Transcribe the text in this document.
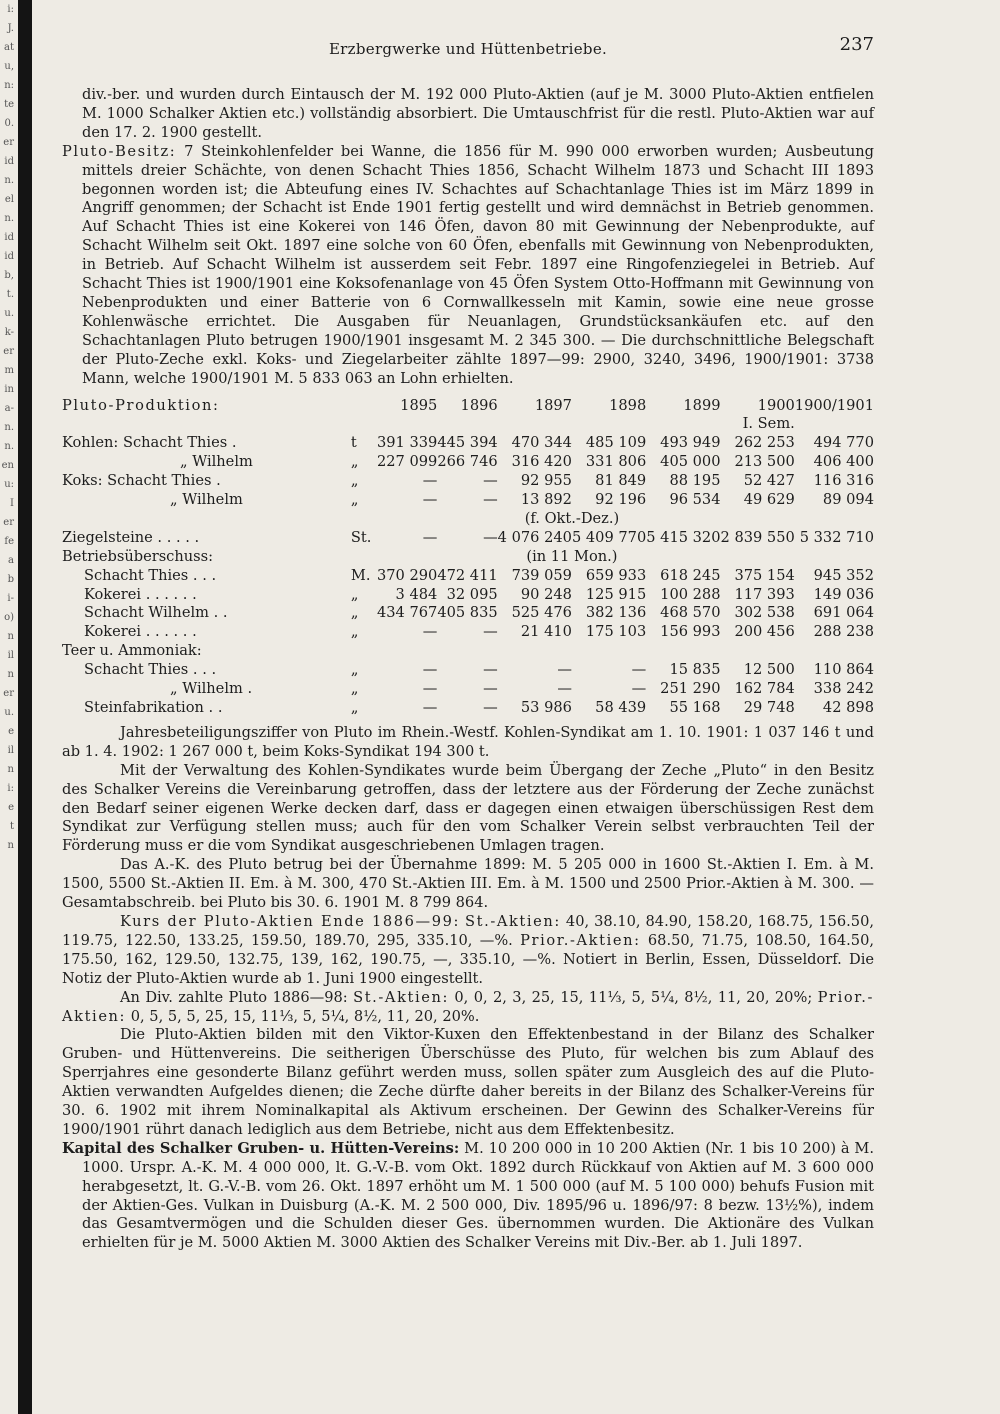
i:
J.
at
u,
n:
te
0.
er
id
n.
el
n.
id
id
b,
t.
u.
k-
er
m
in
a-
n.
n.
en
u:
I
er
fe
a
b
i-
o)
n
il
n
er
u.
e
il
n
i:
e
t
n
Erzbergwerke und Hüttenbetriebe.	237

div.-ber. und wurden durch Eintausch der M. 192 000 Pluto-Aktien (auf je M. 3000 Pluto-Aktien entfielen M. 1000 Schalker Aktien etc.) vollständig absorbiert. Die Umtauschfrist für die restl. Pluto-Aktien war auf den 17. 2. 1900 gestellt.

Pluto-Besitz: 7 Steinkohlenfelder bei Wanne, die 1856 für M. 990 000 erworben wurden; Ausbeutung mittels dreier Schächte, von denen Schacht Thies 1856, Schacht Wilhelm 1873 und Schacht III 1893 begonnen worden ist; die Abteufung eines IV. Schachtes auf Schachtanlage Thies ist im März 1899 in Angriff genommen; der Schacht ist Ende 1901 fertig gestellt und wird demnächst in Betrieb genommen. Auf Schacht Thies ist eine Kokerei von 146 Öfen, davon 80 mit Gewinnung der Nebenprodukte, auf Schacht Wilhelm seit Okt. 1897 eine solche von 60 Öfen, ebenfalls mit Gewinnung von Nebenprodukten, in Betrieb. Auf Schacht Wilhelm ist ausserdem seit Febr. 1897 eine Ringofenziegelei in Betrieb. Auf Schacht Thies ist 1900/1901 eine Koksofenanlage von 45 Öfen System Otto-Hoffmann mit Gewinnung von Nebenprodukten und einer Batterie von 6 Cornwallkesseln mit Kamin, sowie eine neue grosse Kohlenwäsche errichtet. Die Ausgaben für Neuanlagen, Grundstücksankäufen etc. auf den Schachtanlagen Pluto betrugen 1900/1901 insgesamt M. 2 345 300. — Die durchschnittliche Belegschaft der Pluto-Zeche exkl. Koks- und Ziegelarbeiter zählte 1897—99: 2900, 3240, 3496, 1900/1901: 3738 Mann, welche 1900/1901 M. 5 833 063 an Lohn erhielten.

Pluto-Produktion:		1895	1896	1897	1898	1899	1900
I. Sem.	1900/1901
Kohlen: Schacht Thies .	t	391 339	445 394	470 344	485 109	493 949	262 253	494 770
„ Wilhelm	„	227 099	266 746	316 420	331 806	405 000	213 500	406 400
Koks: Schacht Thies .	„	—	—	92 955	81 849	88 195	52 427	116 316
„ Wilhelm	„	—	—	13 892	92 196	96 534	49 629	89 094
				(f. Okt.-Dez.)				
Ziegelsteine . . . . .	St.	—	—	4 076 240	5 409 770	5 415 320	2 839 550	5 332 710
Betriebsüberschuss:				(in 11 Mon.)				
Schacht Thies . . .	M.	370 290	472 411	739 059	659 933	618 245	375 154	945 352
Kokerei . . . . . .	„	3 484	32 095	90 248	125 915	100 288	117 393	149 036
Schacht Wilhelm . .	„	434 767	405 835	525 476	382 136	468 570	302 538	691 064
Kokerei . . . . . .	„	—	—	21 410	175 103	156 993	200 456	288 238
Teer u. Ammoniak:								
Schacht Thies . . .	„	—	—	—	—	15 835	12 500	110 864
„ Wilhelm .	„	—	—	—	—	251 290	162 784	338 242
Steinfabrikation . .	„	—	—	53 986	58 439	55 168	29 748	42 898

Jahresbeteiligungsziffer von Pluto im Rhein.-Westf. Kohlen-Syndikat am 1. 10. 1901: 1 037 146 t und ab 1. 4. 1902: 1 267 000 t, beim Koks-Syndikat 194 300 t.

Mit der Verwaltung des Kohlen-Syndikates wurde beim Übergang der Zeche „Pluto“ in den Besitz des Schalker Vereins die Vereinbarung getroffen, dass der letztere aus der Förderung der Zeche zunächst den Bedarf seiner eigenen Werke decken darf, dass er dagegen einen etwaigen überschüssigen Rest dem Syndikat zur Verfügung stellen muss; auch für den vom Schalker Verein selbst verbrauchten Teil der Förderung muss er die vom Syndikat ausgeschriebenen Umlagen tragen.

Das A.-K. des Pluto betrug bei der Übernahme 1899: M. 5 205 000 in 1600 St.-Aktien I. Em. à M. 1500, 5500 St.-Aktien II. Em. à M. 300, 470 St.-Aktien III. Em. à M. 1500 und 2500 Prior.-Aktien à M. 300. — Gesamtabschreib. bei Pluto bis 30. 6. 1901 M. 8 799 864.

Kurs der Pluto-Aktien Ende 1886—99: St.-Aktien: 40, 38.10, 84.90, 158.20, 168.75, 156.50, 119.75, 122.50, 133.25, 159.50, 189.70, 295, 335.10, —%. Prior.-Aktien: 68.50, 71.75, 108.50, 164.50, 175.50, 162, 129.50, 132.75, 139, 162, 190.75, —, 335.10, —%. Notiert in Berlin, Essen, Düsseldorf. Die Notiz der Pluto-Aktien wurde ab 1. Juni 1900 eingestellt.

An Div. zahlte Pluto 1886—98: St.-Aktien: 0, 0, 2, 3, 25, 15, 11⅓, 5, 5¼, 8½, 11, 20, 20%; Prior.-Aktien: 0, 5, 5, 5, 25, 15, 11⅓, 5, 5¼, 8½, 11, 20, 20%.

Die Pluto-Aktien bilden mit den Viktor-Kuxen den Effektenbestand in der Bilanz des Schalker Gruben- und Hüttenvereins. Die seitherigen Überschüsse des Pluto, für welchen bis zum Ablauf des Sperrjahres eine gesonderte Bilanz geführt werden muss, sollen später zum Ausgleich des auf die Pluto-Aktien verwandten Aufgeldes dienen; die Zeche dürfte daher bereits in der Bilanz des Schalker-Vereins für 30. 6. 1902 mit ihrem Nominalkapital als Aktivum erscheinen. Der Gewinn des Schalker-Vereins für 1900/1901 rührt danach lediglich aus dem Betriebe, nicht aus dem Effektenbesitz.

Kapital des Schalker Gruben- u. Hütten-Vereins: M. 10 200 000 in 10 200 Aktien (Nr. 1 bis 10 200) à M. 1000. Urspr. A.-K. M. 4 000 000, lt. G.-V.-B. vom Okt. 1892 durch Rückkauf von Aktien auf M. 3 600 000 herabgesetzt, lt. G.-V.-B. vom 26. Okt. 1897 erhöht um M. 1 500 000 (auf M. 5 100 000) behufs Fusion mit der Aktien-Ges. Vulkan in Duisburg (A.-K. M. 2 500 000, Div. 1895/96 u. 1896/97: 8 bezw. 13½%), indem das Gesamtvermögen und die Schulden dieser Ges. übernommen wurden. Die Aktionäre des Vulkan erhielten für je M. 5000 Aktien M. 3000 Aktien des Schalker Vereins mit Div.-Ber. ab 1. Juli 1897.
